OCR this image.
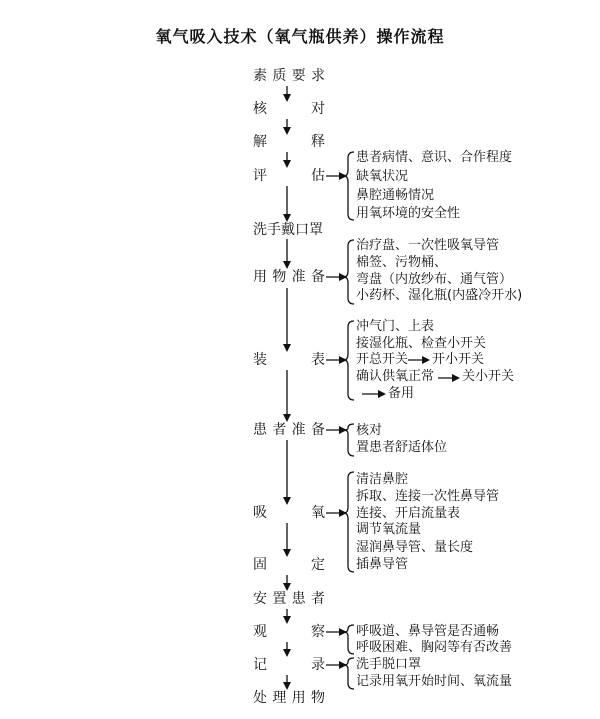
氧气吸入技术（氧气瓶供养）操作流程
素 质 要 求
核	对
解	释
评	估
洗手戴口罩
用 物 准 备
装	表
患 者 准 备
吸	氧
固	定
安 置 患 者
观	察
记	录
处 理 用 物
患者病情、意识、合作程度
缺氧状况
鼻腔通畅情况
用氧环境的安全性
治疗盘、一次性吸氧导管
棉签、污物桶、
弯盘（内放纱布、通气管）
小药杯、湿化瓶(内盛冷开水)
冲气门、上表
接湿化瓶、检查小开关
开总开关 开小开关
确认供氧正常 关小开关
备用
核对
置患者舒适体位
清洁鼻腔
拆取、连接一次性鼻导管
连接、开启流量表
调节氧流量
湿润鼻导管、量长度
插鼻导管
呼吸道、鼻导管是否通畅
呼吸困难、胸闷等有否改善
洗手脱口罩
记录用氧开始时间、氧流量
